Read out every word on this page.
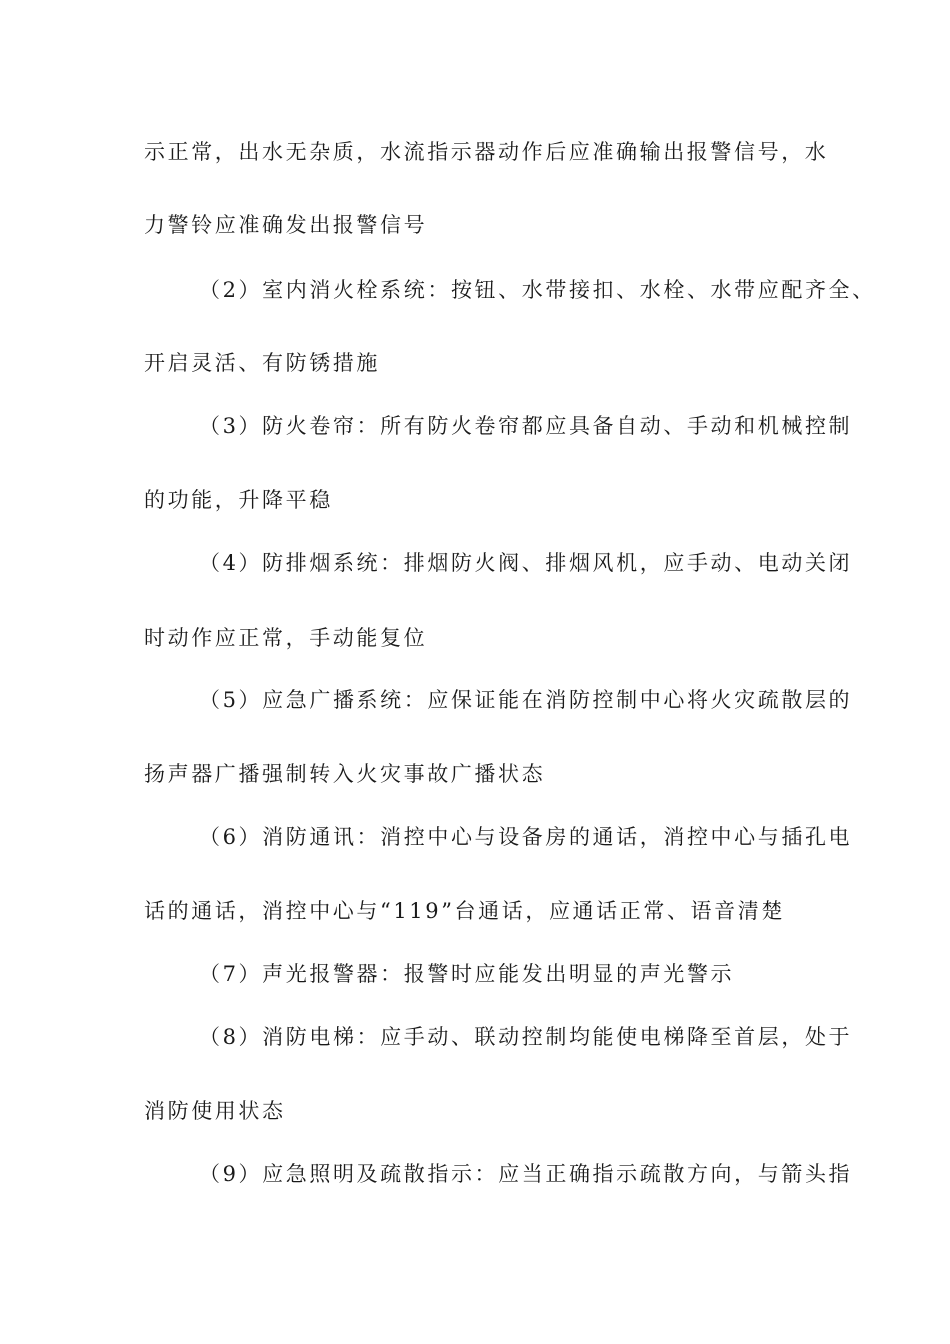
示正常，出水无杂质，水流指示器动作后应准确输出报警信号，水
力警铃应准确发出报警信号
（2）室内消火栓系统：按钮、水带接扣、水栓、水带应配齐全、
开启灵活、有防锈措施
（3）防火卷帘：所有防火卷帘都应具备自动、手动和机械控制
的功能，升降平稳
（4）防排烟系统：排烟防火阀、排烟风机，应手动、电动关闭
时动作应正常，手动能复位
（5）应急广播系统：应保证能在消防控制中心将火灾疏散层的
扬声器广播强制转入火灾事故广播状态
（6）消防通讯：消控中心与设备房的通话，消控中心与插孔电
话的通话，消控中心与“119”台通话，应通话正常、语音清楚
（7）声光报警器：报警时应能发出明显的声光警示
（8）消防电梯：应手动、联动控制均能使电梯降至首层，处于
消防使用状态
（9）应急照明及疏散指示：应当正确指示疏散方向，与箭头指
